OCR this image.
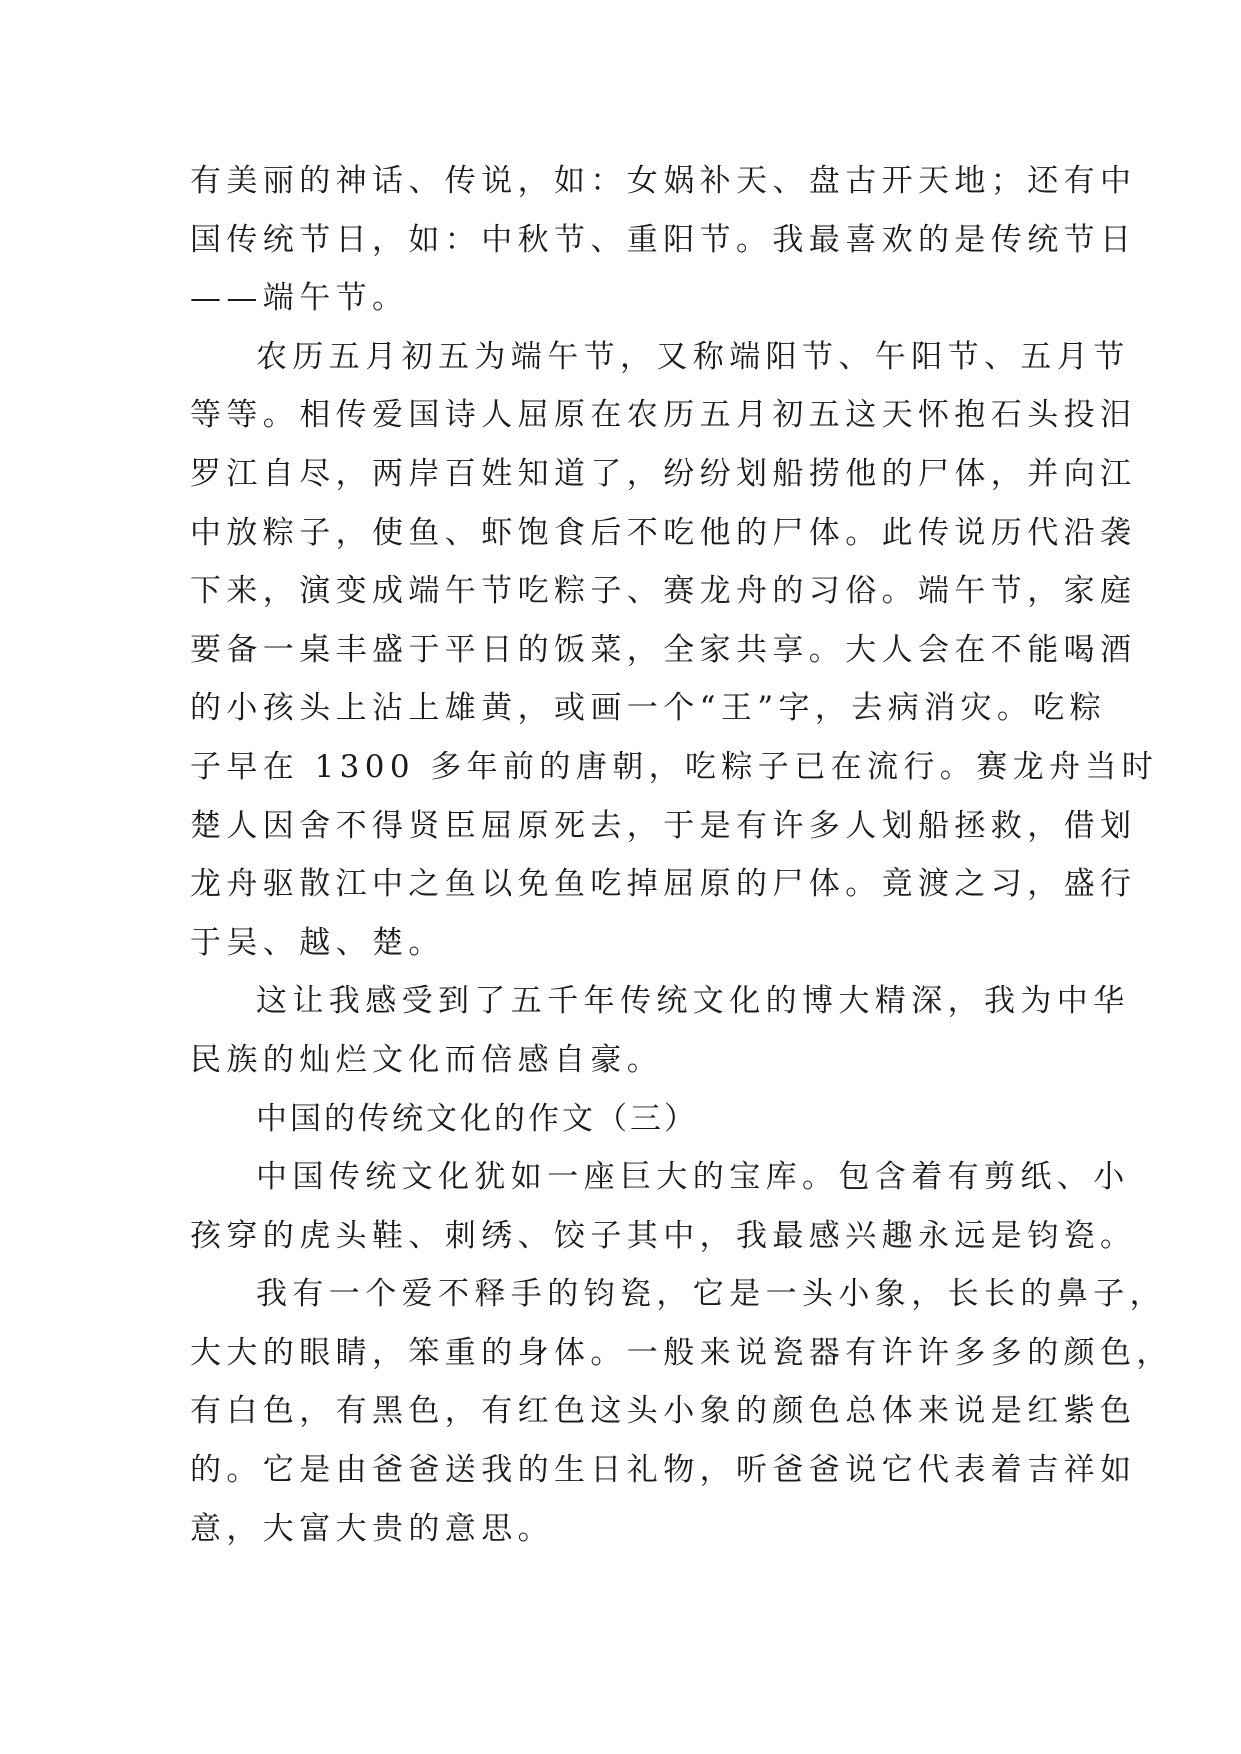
有美丽的神话、传说，如：女娲补天、盘古开天地；还有中
国传统节日，如：中秋节、重阳节。我最喜欢的是传统节日
——端午节。
农历五月初五为端午节，又称端阳节、午阳节、五月节
等等。相传爱国诗人屈原在农历五月初五这天怀抱石头投汨
罗江自尽，两岸百姓知道了，纷纷划船捞他的尸体，并向江
中放粽子，使鱼、虾饱食后不吃他的尸体。此传说历代沿袭
下来，演变成端午节吃粽子、赛龙舟的习俗。端午节，家庭
要备一桌丰盛于平日的饭菜，全家共享。大人会在不能喝酒
的小孩头上沾上雄黄，或画一个“王”字，去病消灾。吃粽
子早在 1300 多年前的唐朝，吃粽子已在流行。赛龙舟当时
楚人因舍不得贤臣屈原死去，于是有许多人划船拯救，借划
龙舟驱散江中之鱼以免鱼吃掉屈原的尸体。竟渡之习，盛行
于吴、越、楚。
这让我感受到了五千年传统文化的博大精深，我为中华
民族的灿烂文化而倍感自豪。
中国的传统文化的作文（三）
中国传统文化犹如一座巨大的宝库。包含着有剪纸、小
孩穿的虎头鞋、刺绣、饺子其中，我最感兴趣永远是钧瓷。
我有一个爱不释手的钧瓷，它是一头小象，长长的鼻子，
大大的眼睛，笨重的身体。一般来说瓷器有许许多多的颜色，
有白色，有黑色，有红色这头小象的颜色总体来说是红紫色
的。它是由爸爸送我的生日礼物，听爸爸说它代表着吉祥如
意，大富大贵的意思。
